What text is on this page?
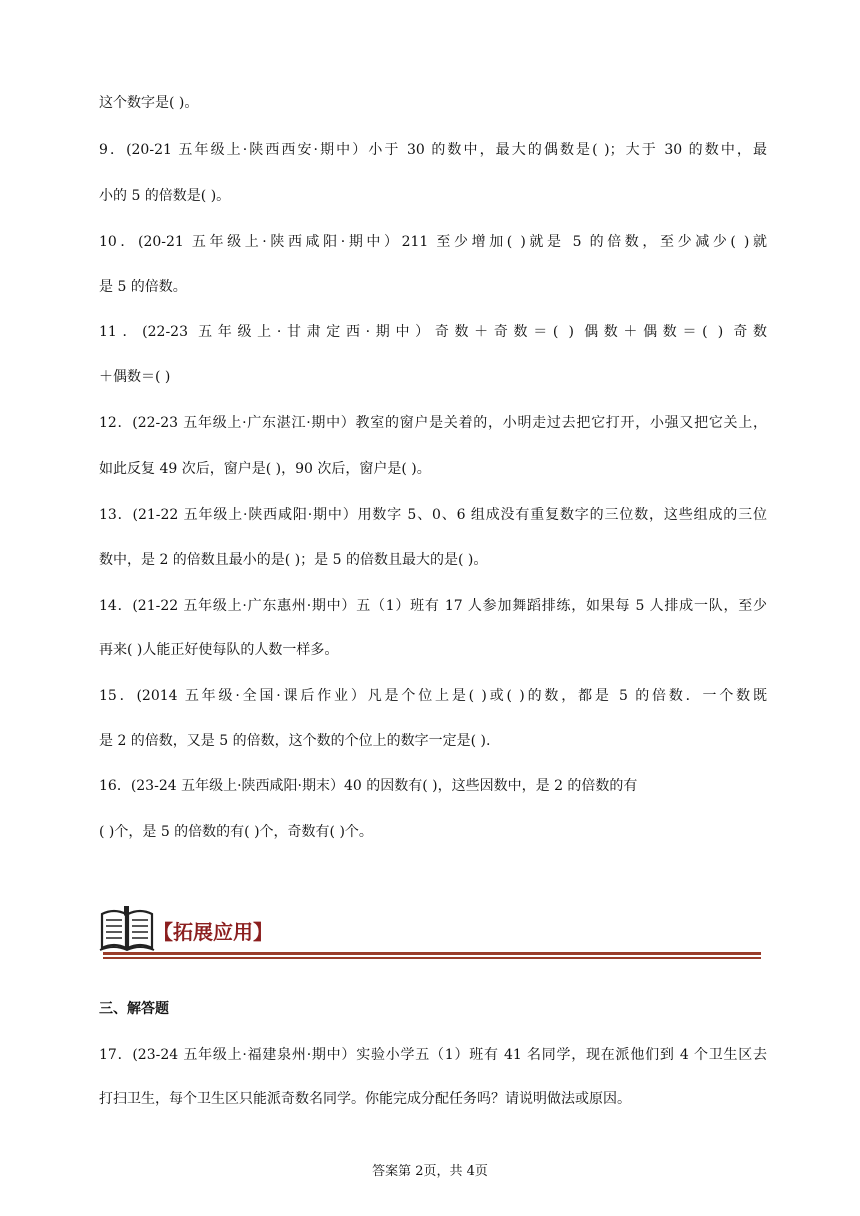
这个数字是( )。
9．(20-21 五年级上·陕西西安·期中）小于 30 的数中，最大的偶数是( )；大于 30 的数中，最
小的 5 的倍数是( )。
10．(20-21 五年级上·陕西咸阳·期中）211 至少增加( )就是 5 的倍数，至少减少( )就
是 5 的倍数。
11．(22-23 五年级上·甘肃定西·期中）奇数＋奇数＝( ) 偶数＋偶数＝( ) 奇数
＋偶数＝( )
12．(22-23 五年级上·广东湛江·期中）教室的窗户是关着的，小明走过去把它打开，小强又把它关上，
如此反复 49 次后，窗户是( )，90 次后，窗户是( )。
13．(21-22 五年级上·陕西咸阳·期中）用数字 5、0、6 组成没有重复数字的三位数，这些组成的三位
数中，是 2 的倍数且最小的是( )；是 5 的倍数且最大的是( )。
14．(21-22 五年级上·广东惠州·期中）五（1）班有 17 人参加舞蹈排练，如果每 5 人排成一队，至少
再来( )人能正好使每队的人数一样多。
15．(2014 五年级·全国·课后作业）凡是个位上是( )或( )的数，都是 5 的倍数．一个数既
是 2 的倍数，又是 5 的倍数，这个数的个位上的数字一定是( ).
16．(23-24 五年级上·陕西咸阳·期末）40 的因数有( )，这些因数中，是 2 的倍数的有
( )个，是 5 的倍数的有( )个，奇数有( )个。
【拓展应用】
三、解答题
17．(23-24 五年级上·福建泉州·期中）实验小学五（1）班有 41 名同学，现在派他们到 4 个卫生区去
打扫卫生，每个卫生区只能派奇数名同学。你能完成分配任务吗？请说明做法或原因。
答案第 2页，共 4页
